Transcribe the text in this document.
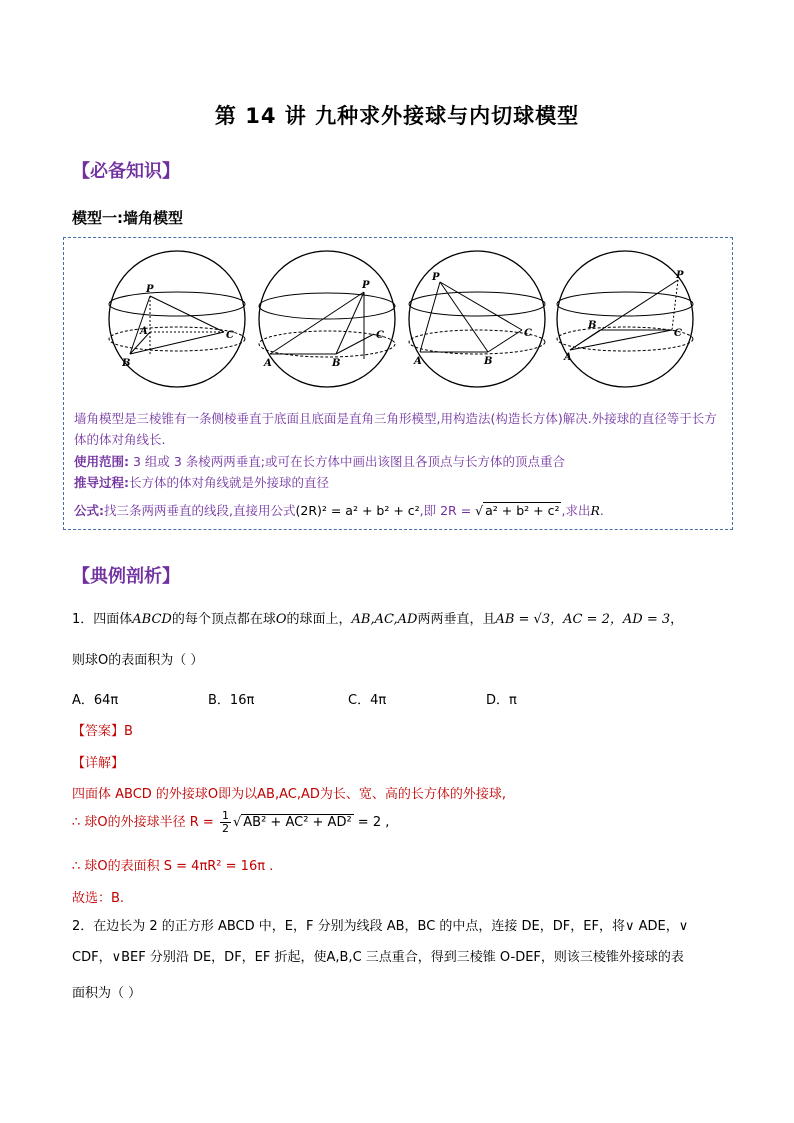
第 14 讲 九种求外接球与内切球模型
【必备知识】
模型一:墙角模型
P
A
B
C
P
A	B
C
P
A	B
C
P
A
B
C
墙角模型是三棱锥有一条侧棱垂直于底面且底面是直角三角形模型,用构造法(构造长方体)解决.外接球的直径等于长方体的体对角线长.
使用范围: 3 组或 3 条棱两两垂直;或可在长方体中画出该图且各顶点与长方体的顶点重合
推导过程:长方体的体对角线就是外接球的直径
公式:找三条两两垂直的线段,直接用公式(2R)² = a² + b² + c²,即 2R = √ a² + b² + c² ,求出R.
【典例剖析】
1．四面体ABCD的每个顶点都在球O的球面上，AB,AC,AD两两垂直，且AB = √3，AC = 2，AD = 3，
则球O的表面积为（ ）
A．64π	B．16π	C．4π	D．π
【答案】B
【详解】
四面体 ABCD 的外接球O即为以AB,AC,AD为长、宽、高的长方体的外接球,
∴ 球O的外接球半径 $R = \frac{1}{2}$ √ AB² + AC² + AD² = 2 ,
∴ 球O的表面积 S = 4πR² = 16π .
故选：B.
2．在边长为 2 的正方形 ABCD 中，E，F 分别为线段 AB，BC 的中点，连接 DE，DF，EF，将∨ ADE，∨
CDF，∨BEF 分别沿 DE，DF，EF 折起，使A,B,C 三点重合，得到三棱锥 O-DEF，则该三棱锥外接球的表
面积为（ ）
